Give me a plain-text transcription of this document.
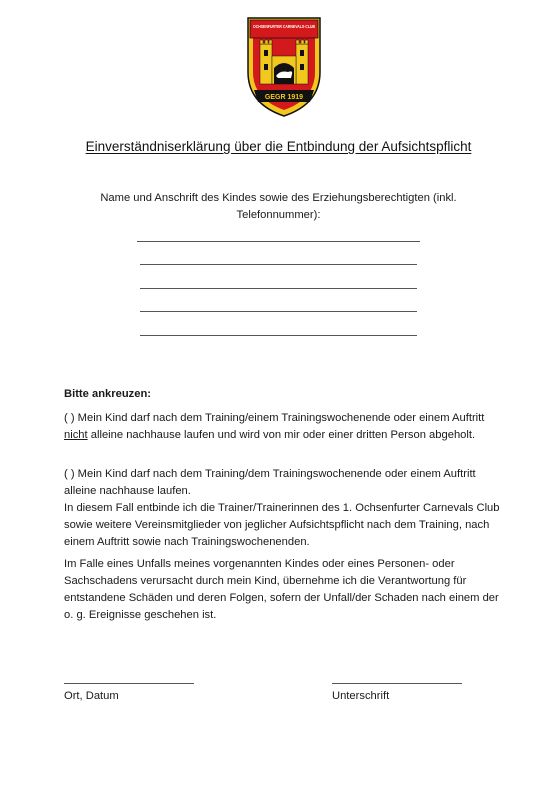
OCHSENFURTER CARNEVALS-CLUB
GEGR 1919
Einverständniserklärung über die Entbindung der Aufsichtspflicht
Name und Anschrift des Kindes sowie des Erziehungsberechtigten (inkl.
Telefonnummer):
Bitte ankreuzen:
( ) Mein Kind darf nach dem Training/einem Trainingswochenende oder einem Auftritt
nicht alleine nachhause laufen und wird von mir oder einer dritten Person abgeholt.
( ) Mein Kind darf nach dem Training/dem Trainingswochenende oder einem Auftritt
alleine nachhause laufen.
In diesem Fall entbinde ich die Trainer/Trainerinnen des 1. Ochsenfurter Carnevals Club
sowie weitere Vereinsmitglieder von jeglicher Aufsichtspflicht nach dem Training, nach
einem Auftritt sowie nach Trainingswochenenden.
Im Falle eines Unfalls meines vorgenannten Kindes oder eines Personen- oder
Sachschadens verursacht durch mein Kind, übernehme ich die Verantwortung für
entstandene Schäden und deren Folgen, sofern der Unfall/der Schaden nach einem der
o. g. Ereignisse geschehen ist.
Ort, Datum	Unterschrift
